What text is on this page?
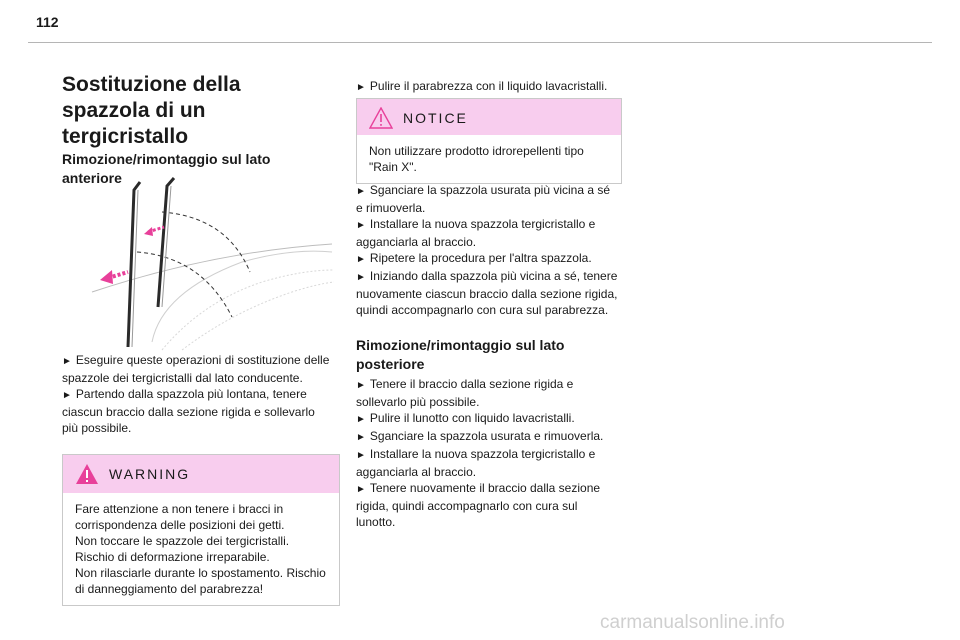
112
Sostituzione della spazzola di un tergicristallo
Rimozione/rimontaggio sul lato anteriore

► Eseguire queste operazioni di sostituzione delle spazzole dei tergicristalli dal lato conducente.

► Partendo dalla spazzola più lontana, tenere ciascun braccio dalla sezione rigida e sollevarlo più possibile.

WARNING
Fare attenzione a non tenere i bracci in corrispondenza delle posizioni dei getti.
Non toccare le spazzole dei tergicristalli. Rischio di deformazione irreparabile.
Non rilasciarle durante lo spostamento. Rischio di danneggiamento del parabrezza!

► Pulire il parabrezza con il liquido lavacristalli.

NOTICE
Non utilizzare prodotto idrorepellenti tipo "Rain X".

► Sganciare la spazzola usurata più vicina a sé e rimuoverla.

► Installare la nuova spazzola tergicristallo e agganciarla al braccio.

► Ripetere la procedura per l'altra spazzola.

► Iniziando dalla spazzola più vicina a sé, tenere nuovamente ciascun braccio dalla sezione rigida, quindi accompagnarlo con cura sul parabrezza.

Rimozione/rimontaggio sul lato posteriore

► Tenere il braccio dalla sezione rigida e sollevarlo più possibile.

► Pulire il lunotto con liquido lavacristalli.

► Sganciare la spazzola usurata e rimuoverla.

► Installare la nuova spazzola tergicristallo e agganciarla al braccio.

► Tenere nuovamente il braccio dalla sezione rigida, quindi accompagnarlo con cura sul lunotto.

carmanualsonline.info
